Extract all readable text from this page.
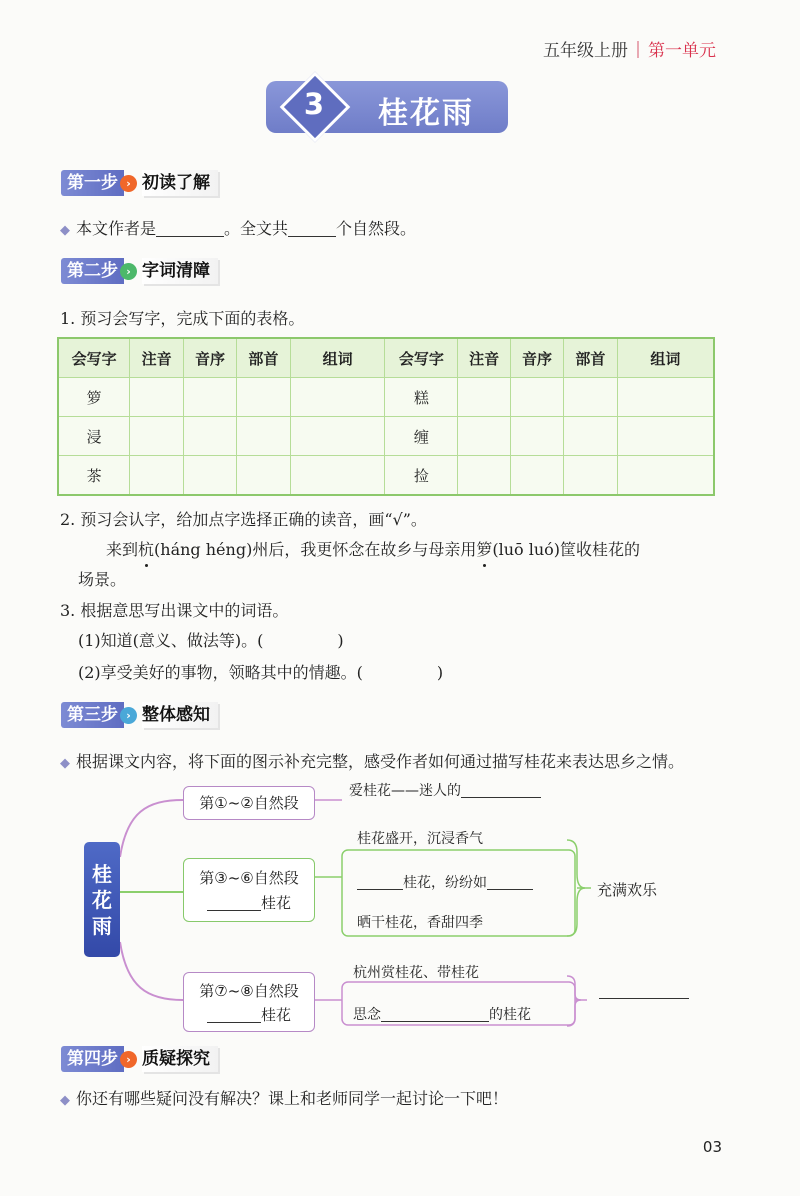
五年级上册 第一单元
3 桂花雨
第一步 › 初读了解
◆ 本文作者是	。全文共	个自然段。
第二步 › 字词清障
1. 预习会写字，完成下面的表格。
会写字	注音	音序	部首	组词	会写字	注音	音序	部首	组词
箩					糕				
浸					缠				
茶					捡				
2. 预习会认字，给加点字选择正确的读音，画“√”。
来到杭(háng héng)州后，我更怀念在故乡与母亲用箩(luō luó)筐收桂花的
场景。
3. 根据意思写出课文中的词语。
(1)知道(意义、做法等)。(	)
(2)享受美好的事物，领略其中的情趣。(	)
第三步 › 整体感知
◆ 根据课文内容，将下面的图示补充完整，感受作者如何通过描写桂花来表达思乡之情。
桂
花
雨
第①~②自然段
爱桂花——迷人的
第③~⑥自然段
桂花
桂花盛开，沉浸香气
桂花，纷纷如
晒干桂花，香甜四季
充满欢乐
第⑦~⑧自然段
桂花
杭州赏桂花、带桂花
思念	的桂花
第四步 › 质疑探究
◆ 你还有哪些疑问没有解决？课上和老师同学一起讨论一下吧！
03
